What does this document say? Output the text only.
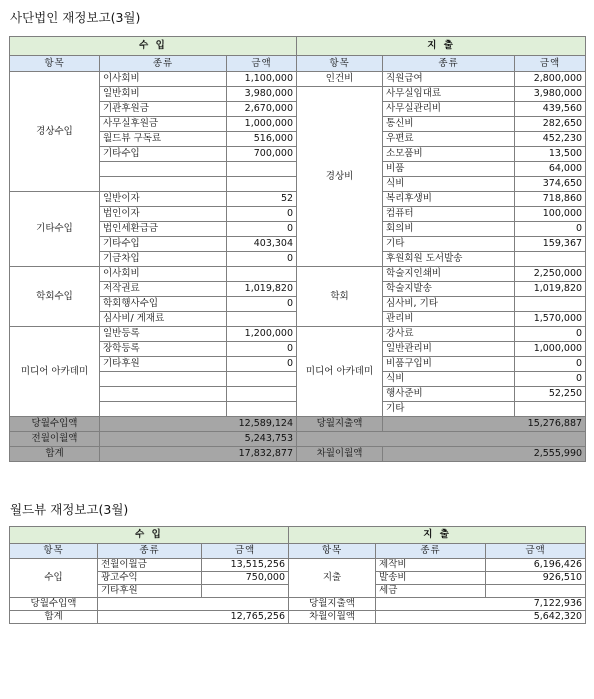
사단법인 재정보고(3월)
수 입			지 출		
항목	종류	금액	항목	종류	금액
경상수입	이사회비	1,100,000	인건비	직원급여	2,800,000
	일반회비	3,980,000	경상비	사무실임대료	3,980,000
	기관후원금	2,670,000		사무실관리비	439,560
	사무실후원금	1,000,000		통신비	282,650
	월드뷰 구독료	516,000		우편료	452,230
	기타수입	700,000		소모품비	13,500
				비품	64,000
				식비	374,650
기타수입	일반이자	52		복리후생비	718,860
	법인이자	0		컴퓨터	100,000
	법인세환급금	0		회의비	0
	기타수입	403,304		기타	159,367
	기금차입	0		후원회원 도서발송	
학회수입	이사회비		학회	학술지인쇄비	2,250,000
	저작권료	1,019,820		학술지발송	1,019,820
	학회행사수입	0		심사비, 기타	
	심사비/ 게재료			관리비	1,570,000
미디어 아카데미	일반등록	1,200,000	미디어 아카데미	강사료	0
	장학등록	0		일반관리비	1,000,000
	기타후원	0		비품구입비	0
				식비	0
				행사준비	52,250
				기타	
당월수입액	12,589,124		당월지출액	15,276,887	
전월이월액	5,243,753				
합계	17,832,877		차월이월액	2,555,990	
월드뷰 재정보고(3월)
수 입			지 출		
항목	종류	금액	항목	종류	금액
수입	전월이월금	13,515,256	지출	제작비	6,196,426
	광고수익	750,000		발송비	926,510
	기타후원			세금	
당월수입액			당월지출액	7,122,936	
합계	12,765,256		차월이월액	5,642,320	
